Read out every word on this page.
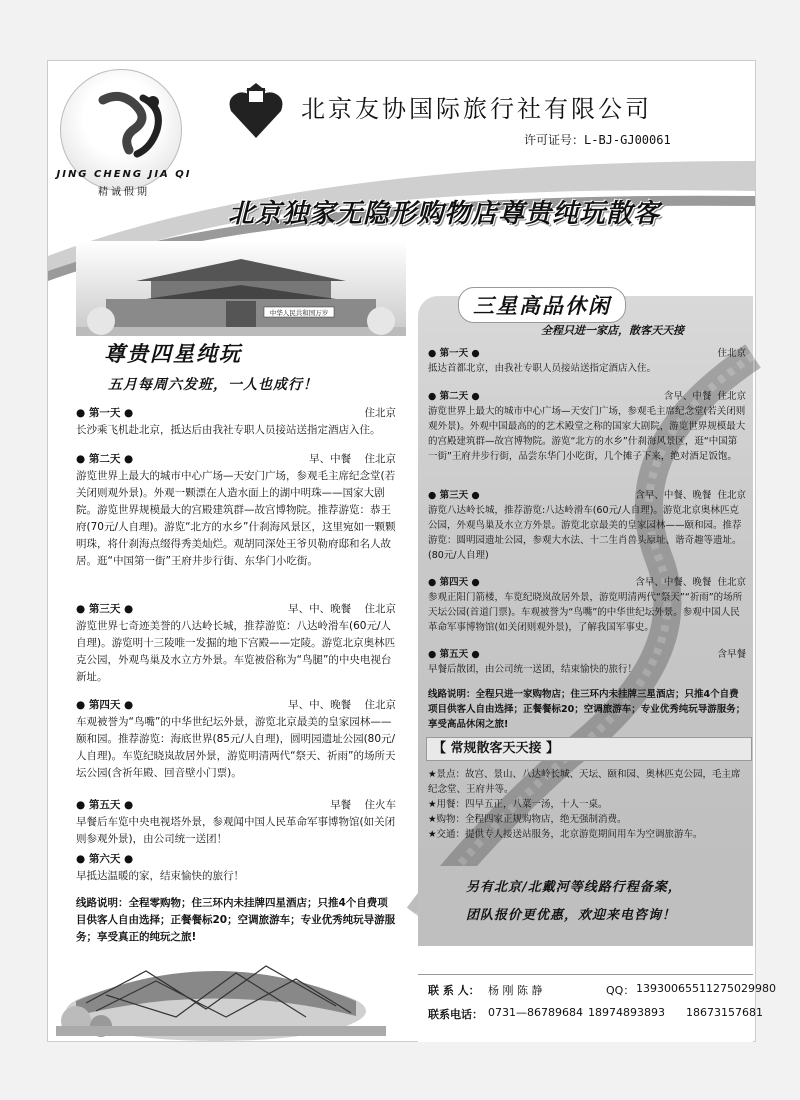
JING CHENG JIA QI
精诚假期
北京友协国际旅行社有限公司
许可证号：L-BJ-GJ00061
北京独家无隐形购物店尊贵纯玩散客
中华人民共和国万岁
尊贵四星纯玩
五月每周六发班，一人也成行！
● 第一天 ●	住北京

长沙乘飞机赴北京，抵达后由我社专职人员接站送指定酒店入住。

● 第二天 ●	早、中餐 住北京

游览世界上最大的城市中心广场—天安门广场，参观毛主席纪念堂(若关闭则观外景)。外观一颗漂在人造水面上的湖中明珠——国家大剧院。游览世界规模最大的宫殿建筑群—故宫博物院。推荐游览：恭王府(70元/人自理)。游览“北方的水乡”什刹海风景区，这里宛如一颗颗明珠，将什刹海点缀得秀美灿烂。观胡同深处王爷贝勒府邸和名人故居。逛“中国第一街”王府井步行街、东华门小吃街。

● 第三天 ●	早、中、晚餐 住北京

游览世界七奇迹美誉的八达岭长城，推荐游览：八达岭滑车(60元/人自理)。游览明十三陵唯一发掘的地下宫殿——定陵。游览北京奥林匹克公园，外观鸟巢及水立方外景。车览被俗称为“鸟腿”的中央电视台新址。

● 第四天 ●	早、中、晚餐 住北京

车观被誉为“鸟嘴”的中华世纪坛外景，游览北京最美的皇家园林——颐和园。推荐游览：海底世界(85元/人自理)，圆明园遗址公园(80元/人自理)。车览纪晓岚故居外景，游览明清两代“祭天、祈雨”的场所天坛公园(含祈年殿、回音壁小门票)。

● 第五天 ●	早餐 住火车

早餐后车览中央电视塔外景，参观闻中国人民革命军事博物馆(如关闭则参观外景)，由公司统一送团！

● 第六天 ●

早抵达温暖的家，结束愉快的旅行！

线路说明：全程零购物；住三环内未挂牌四星酒店；只推4个自费项目供客人自由选择；正餐餐标20；空调旅游车；专业优秀纯玩导游服务；享受真正的纯玩之旅!
三星高品休闲
全程只进一家店，散客天天接
● 第一天 ●	住北京

抵达首都北京，由我社专职人员接站送指定酒店入住。

● 第二天 ●	含早、中餐 住北京

游览世界上最大的城市中心广场—天安门广场，参观毛主席纪念堂(若关闭则观外景)。外观中国最高的的艺术殿堂之称的国家大剧院，游览世界规模最大的宫殿建筑群—故宫博物院。游览“北方的水乡”什刹海风景区，逛“中国第一街”王府井步行街，品尝东华门小吃街，几个摊子下来，绝对酒足饭饱。

● 第三天 ●	含早、中餐、晚餐 住北京

游览八达岭长城，推荐游览:八达岭滑车(60元/人自理)。游览北京奥林匹克公园，外观鸟巢及水立方外景。游览北京最美的皇家园林——颐和园。推荐游览：圆明园遗址公园，参观大水法、十二生肖兽头原址、谐奇趣等遗址。(80元/人自理)

● 第四天 ●	含早、中餐、晚餐 住北京

参观正阳门箭楼，车览纪晓岚故居外景，游览明清两代“祭天”“祈雨”的场所天坛公园(首道门票)。车观被誉为“鸟嘴”的中华世纪坛外景。参观中国人民革命军事博物馆(如关闭则观外景)，了解我国军事史。

● 第五天 ●	含早餐

早餐后散团，由公司统一送团，结束愉快的旅行！

线路说明：全程只进一家购物店；住三环内未挂牌三星酒店；只推4个自费项目供客人自由选择；正餐餐标20；空调旅游车；专业优秀纯玩导游服务；享受高品休闲之旅!
【 常规散客天天接 】

★景点：故宫、景山、八达岭长城、天坛、颐和园、奥林匹克公园，毛主席纪念堂、王府井等。

★用餐：四早五正，八菜一汤，十人一桌。

★购物：全程四家正规购物店，绝无强制消费。

★交通：提供专人接送站服务，北京游览期间用车为空调旅游车。

另有北京/北戴河等线路行程备案，
团队报价更优惠，欢迎来电咨询！
联 系 人： 杨 刚 陈 静	QQ： 1393006551 1275029980
联系电话： 0731—86789684 18974893893	18673157681
